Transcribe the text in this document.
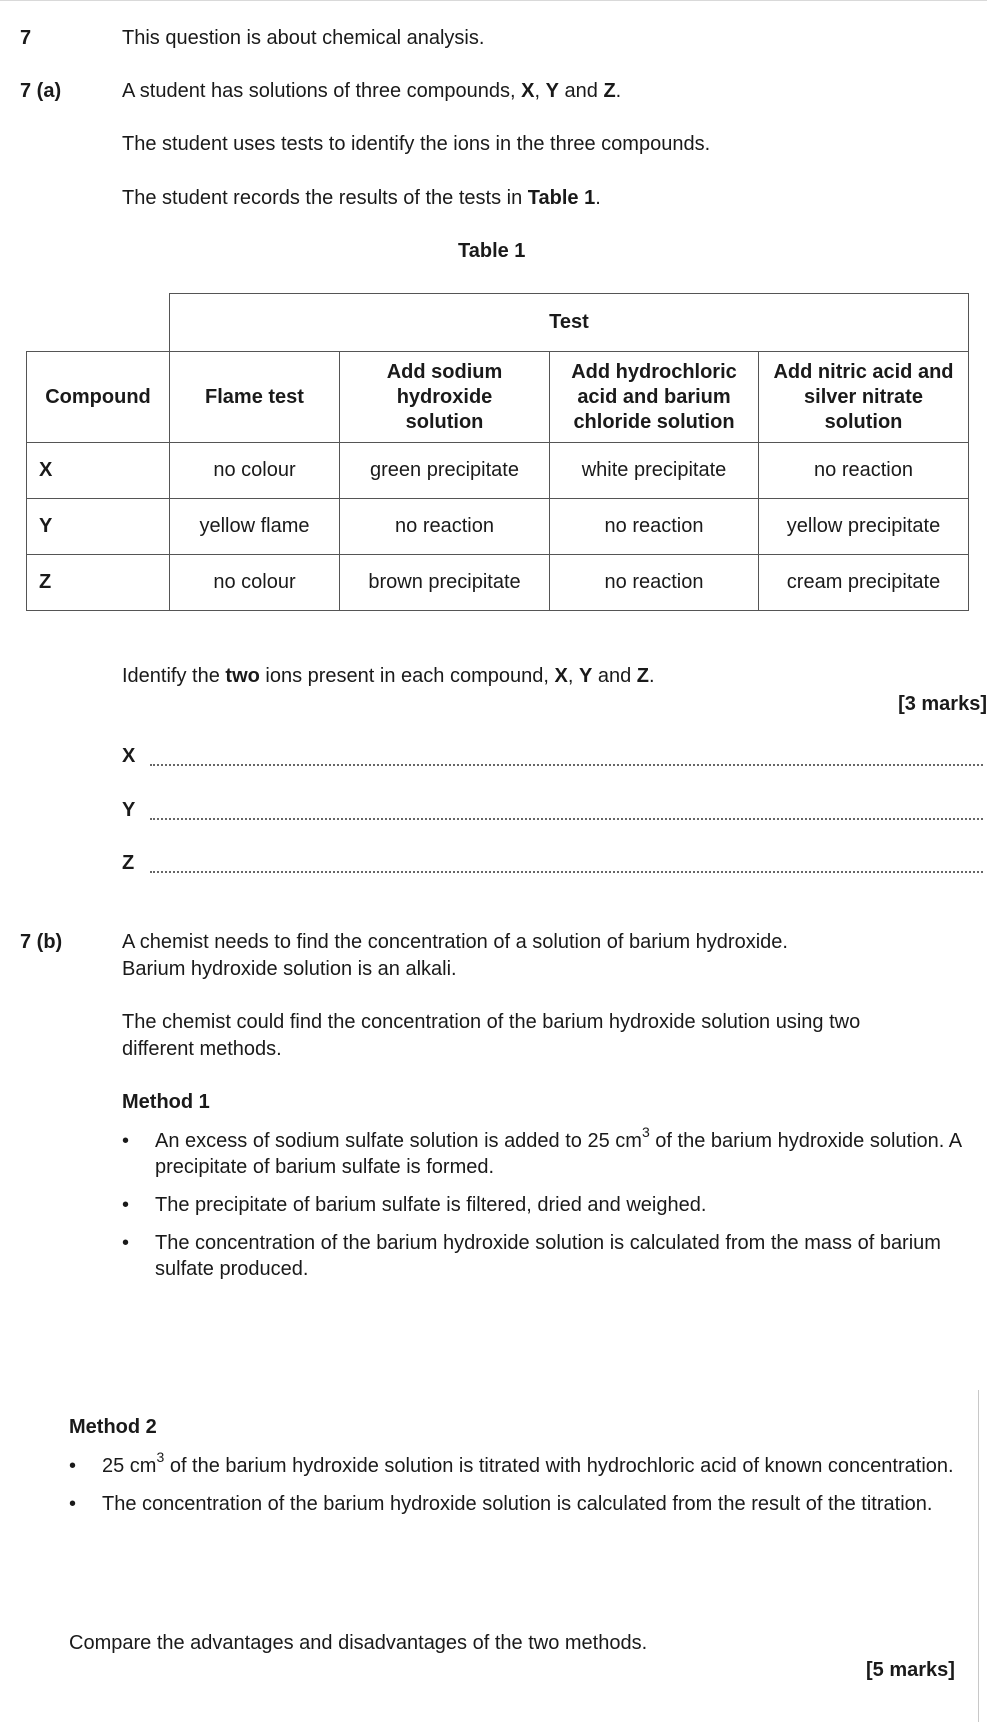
7	This question is about chemical analysis.
7 (a)	A student has solutions of three compounds, X, Y and Z.
The student uses tests to identify the ions in the three compounds.
The student records the results of the tests in Table 1.
Table 1
	Test			
Compound	Flame test	Add sodium hydroxide solution	Add hydrochloric acid and barium chloride solution	Add nitric acid and silver nitrate solution
X	no colour	green precipitate	white precipitate	no reaction
Y	yellow flame	no reaction	no reaction	yellow precipitate
Z	no colour	brown precipitate	no reaction	cream precipitate
Identify the two ions present in each compound, X, Y and Z.
[3 marks]
X
Y
Z
7 (b)	A chemist needs to find the concentration of a solution of barium hydroxide.
Barium hydroxide solution is an alkali.
The chemist could find the concentration of the barium hydroxide solution using two
different methods.
Method 1
• An excess of sodium sulfate solution is added to 25 $cm^3$ of the barium hydroxide solution. A precipitate of barium sulfate is formed.
• The precipitate of barium sulfate is filtered, dried and weighed.
• The concentration of the barium hydroxide solution is calculated from the mass of barium sulfate produced.
Method 2
• 25 $cm^3$ of the barium hydroxide solution is titrated with hydrochloric acid of known concentration.
• The concentration of the barium hydroxide solution is calculated from the result of the titration.
Compare the advantages and disadvantages of the two methods.
[5 marks]
